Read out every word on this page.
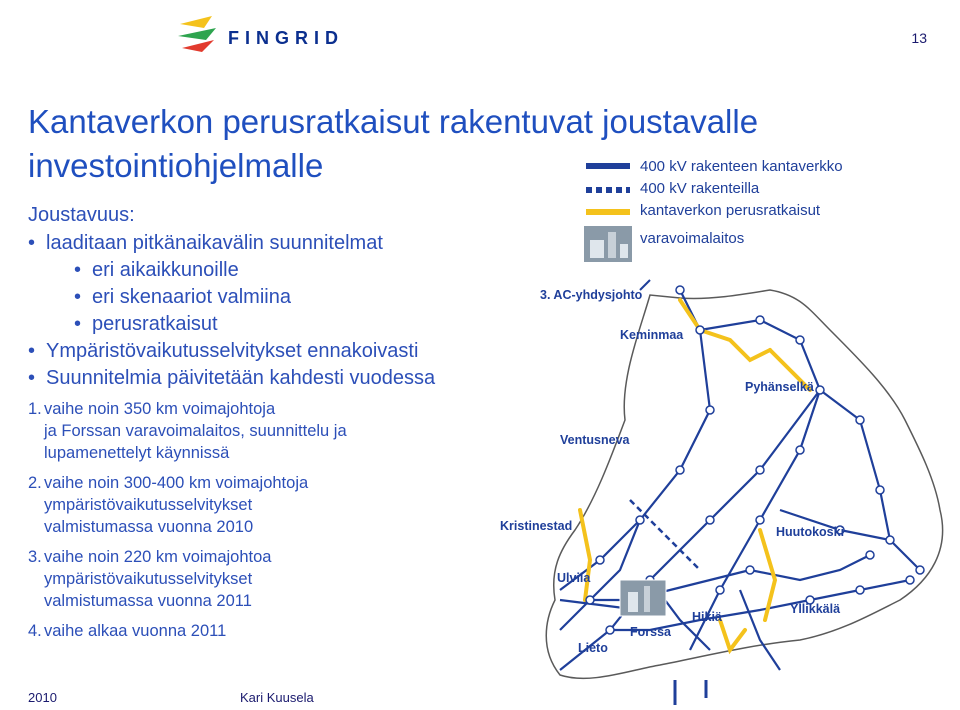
FINGRID	13
Kantaverkon perusratkaisut rakentuvat joustavalle investointiohjelmalle
Joustavuus:
• laaditaan pitkänaikavälin suunnitelmat
• eri aikaikkunoille
• eri skenaariot valmiina
• perusratkaisut
• Ympäristövaikutusselvitykset ennakoivasti
• Suunnitelmia päivitetään kahdesti vuodessa
1. vaihe noin 350 km voimajohtoja
ja Forssan varavoimalaitos, suunnittelu ja
lupamenettelyt käynnissä
2. vaihe noin 300-400 km voimajohtoja
ympäristövaikutusselvitykset
valmistumassa vuonna 2010
3. vaihe noin 220 km voimajohtoa
ympäristövaikutusselvitykset
valmistumassa vuonna 2011
4. vaihe alkaa vuonna 2011
400 kV rakenteen kantaverkko
400 kV rakenteilla
kantaverkon perusratkaisut
varavoimalaitos
3. AC-yhdysjohto
Keminmaa
Pyhänselkä
Ventusneva
Kristinestad	Huutokoski
Ulvila
Hikiä
Yllikkälä
Forssa
Lieto
2010	Kari Kuusela
